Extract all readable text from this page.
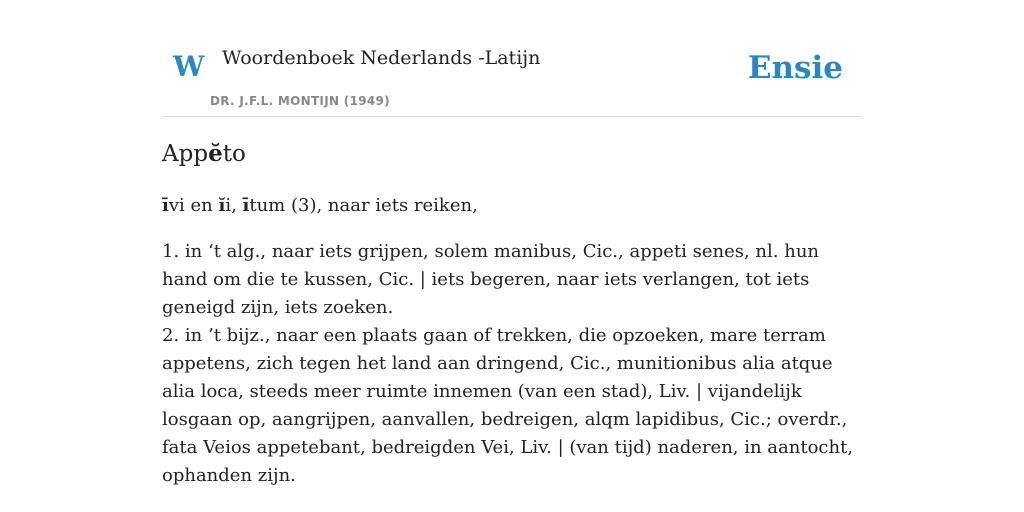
W Woordenboek Nederlands -Latijn
DR. J.F.L. MONTIJN (1949)
Ensie
Appĕto

īvi en ĭi, ītum (3), naar iets reiken,

1. in ‘t alg., naar iets grijpen, solem manibus, Cic., appeti senes, nl. hun hand om die te kussen, Cic. | iets begeren, naar iets verlangen, tot iets geneigd zijn, iets zoeken.

2. in ’t bijz., naar een plaats gaan of trekken, die opzoeken, mare terram appetens, zich tegen het land aan dringend, Cic., munitionibus alia atque alia loca, steeds meer ruimte innemen (van een stad), Liv. | vijandelijk losgaan op, aangrijpen, aanvallen, bedreigen, alqm lapidibus, Cic.; overdr., fata Veios appetebant, bedreigden Vei, Liv. | (van tijd) naderen, in aantocht, ophanden zijn.
